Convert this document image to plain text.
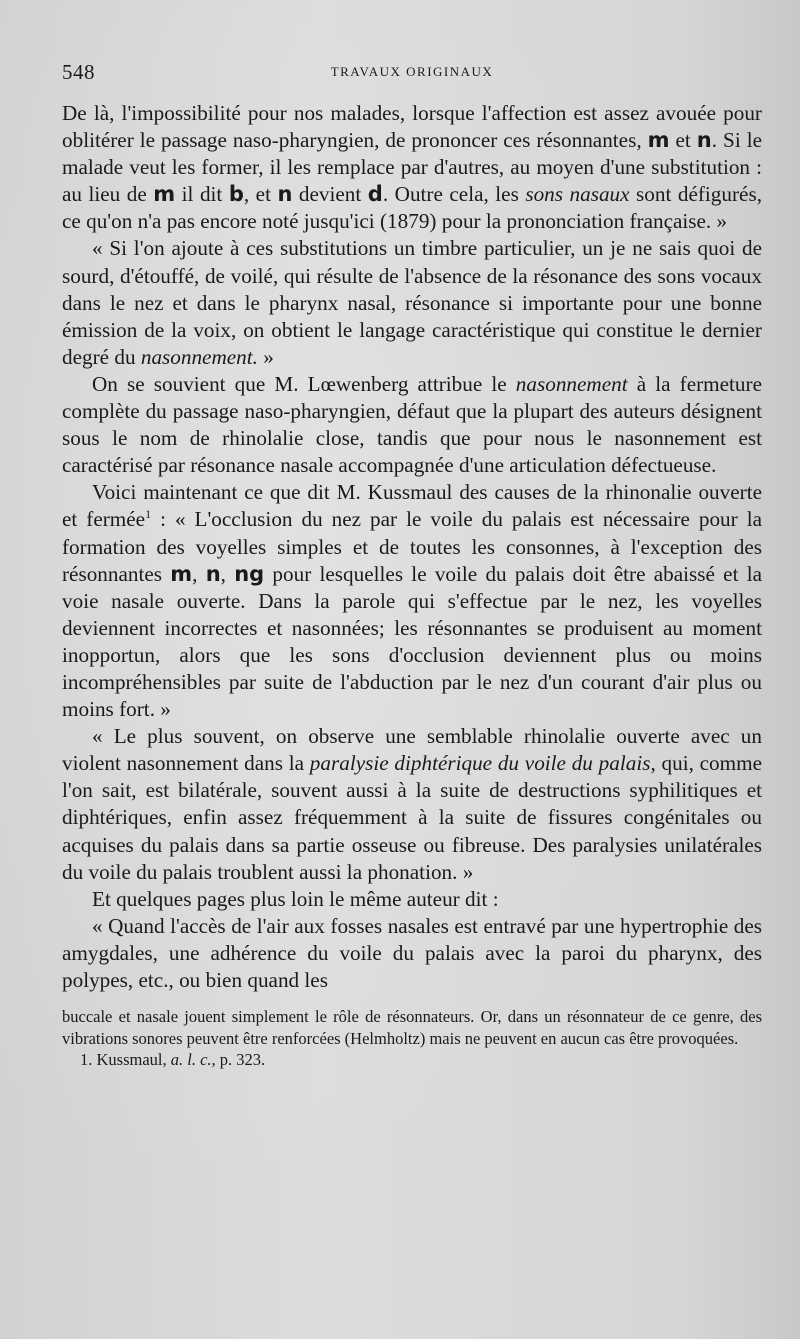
548	TRAVAUX ORIGINAUX

De là, l'impossibilité pour nos malades, lorsque l'affection est assez avouée pour oblitérer le passage naso-pharyngien, de prononcer ces résonnantes, m et n. Si le malade veut les former, il les remplace par d'autres, au moyen d'une substitution : au lieu de m il dit b, et n devient d. Outre cela, les sons nasaux sont défigurés, ce qu'on n'a pas encore noté jusqu'ici (1879) pour la prononciation française. »

« Si l'on ajoute à ces substitutions un timbre particulier, un je ne sais quoi de sourd, d'étouffé, de voilé, qui résulte de l'absence de la résonance des sons vocaux dans le nez et dans le pharynx nasal, résonance si importante pour une bonne émission de la voix, on obtient le langage caractéristique qui constitue le dernier degré du nasonnement. »

On se souvient que M. Lœwenberg attribue le nasonnement à la fermeture complète du passage naso-pharyngien, défaut que la plupart des auteurs désignent sous le nom de rhinolalie close, tandis que pour nous le nasonnement est caractérisé par résonance nasale accompagnée d'une articulation défectueuse.

Voici maintenant ce que dit M. Kussmaul des causes de la rhinonalie ouverte et fermée$^1$ : « L'occlusion du nez par le voile du palais est nécessaire pour la formation des voyelles simples et de toutes les consonnes, à l'exception des résonnantes m, n, ng pour lesquelles le voile du palais doit être abaissé et la voie nasale ouverte. Dans la parole qui s'effectue par le nez, les voyelles deviennent incorrectes et nasonnées; les résonnantes se produisent au moment inopportun, alors que les sons d'occlusion deviennent plus ou moins incompréhensibles par suite de l'abduction par le nez d'un courant d'air plus ou moins fort. »

« Le plus souvent, on observe une semblable rhinolalie ouverte avec un violent nasonnement dans la paralysie diphtérique du voile du palais, qui, comme l'on sait, est bilatérale, souvent aussi à la suite de destructions syphilitiques et diphtériques, enfin assez fréquemment à la suite de fissures congénitales ou acquises du palais dans sa partie osseuse ou fibreuse. Des paralysies unilatérales du voile du palais troublent aussi la phonation. »

Et quelques pages plus loin le même auteur dit :

« Quand l'accès de l'air aux fosses nasales est entravé par une hypertrophie des amygdales, une adhérence du voile du palais avec la paroi du pharynx, des polypes, etc., ou bien quand les

buccale et nasale jouent simplement le rôle de résonnateurs. Or, dans un résonnateur de ce genre, des vibrations sonores peuvent être renforcées (Helmholtz) mais ne peuvent en aucun cas être provoquées.

1. Kussmaul, a. l. c., p. 323.
